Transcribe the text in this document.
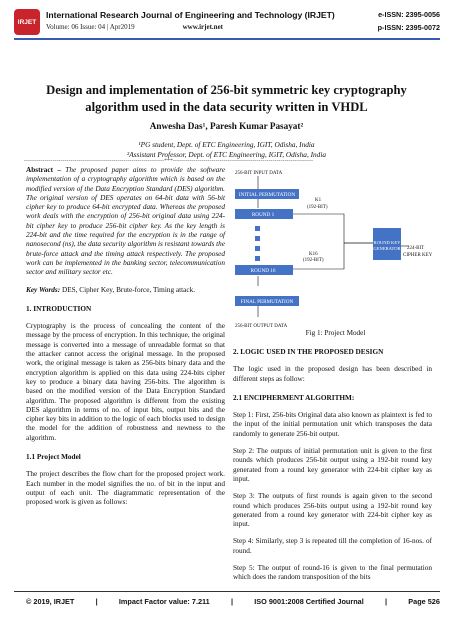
IRJET
International Research Journal of Engineering and Technology (IRJET)
Volume: 06 Issue: 04 | Apr2019	www.irjet.net
e-ISSN: 2395-0056
p-ISSN: 2395-0072
Design and implementation of 256-bit symmetric key cryptography algorithm used in the data security written in VHDL
Anwesha Das¹, Paresh Kumar Pasayat²
¹PG student, Dept. of ETC Engineering, IGIT, Odisha, India
²Assistant Professor, Dept. of ETC Engineering, IGIT, Odisha, India
---------------------------------------------------------------------***---------------------------------------------------------------------
Abstract – The proposed paper aims to provide the software implementation of a cryptography algorithm which is based on the modified version of the Data Encryption Standard (DES) algorithm. The original version of DES operates on 64-bit data with 56-bit cipher key to produce 64-bit encrypted data. Whereas the proposed work deals with the encryption of 256-bit original data using 224-bit cipher key to produce 256-bit cipher key. As the key length is 224-bit and the time required for the encryption is in the range of nanosecond (ns), the data security algorithm is resistant towards the brute-force attack and the timing attack respectively. The proposed work can be implemented in the banking sector, telecommunication sector and military sector etc.
Key Words: DES, Cipher Key, Brute-force, Timing attack.
1. INTRODUCTION

Cryptography is the process of concealing the content of the message by the process of encryption. In this technique, the original message is converted into a message of unreadable format so that the attacker cannot access the original message. In the proposed work, the original message is taken as 256-bits binary data and the encryption algorithm is applied on this data using 224-bits cipher key to produce a binary data having 256-bits. The algorithm is based on the modified version of the Data Encryption Standard algorithm. The proposed algorithm is different from the existing DES algorithm in terms of no. of input bits, output bits and the cipher key bits in addition to the logic of each blocks used to design the model for the addition of robustness and newness to the algorithm.

1.1 Project Model

The project describes the flow chart for the proposed project work. Each number in the model signifies the no. of bit in the input and output of each unit. The diagrammatic representation of the proposed work is given as follows:

256-BIT INPUT DATA
256-BIT OUTPUT DATA
K1
(192-BIT)
K16
(192-BIT)
224-BIT
CIPHER KEY
INITIAL PERMUTATION
ROUND 1
ROUND 16
FINAL PERMUTATION
ROUND KEY
GENERATOR
Fig 1: Project Model
2. LOGIC USED IN THE PROPOSED DESIGN

The logic used in the proposed design has been described in different steps as follow:

2.1 ENCIPHERMENT ALGORITHM:

Step 1: First, 256-bits Original data also known as plaintext is fed to the input of the initial permutation unit which transposes the data randomly to generate 256-bit output.

Step 2: The outputs of initial permutation unit is given to the first rounds which produces 256-bit output using a 192-bit round key generated from a round key generator with 224-bit cipher key as input.

Step 3: The outputs of first rounds is again given to the second round which produces 256-bits output using a 192-bit round key generated from a round key generator with 224-bit cipher key as input.

Step 4: Similarly, step 3 is repeated till the completion of 16-nos. of round.

Step 5: The output of round-16 is given to the final permutation which does the random transposition of the bits

© 2019, IRJET	|	Impact Factor value: 7.211	|	ISO 9001:2008 Certified Journal	|	Page 526
